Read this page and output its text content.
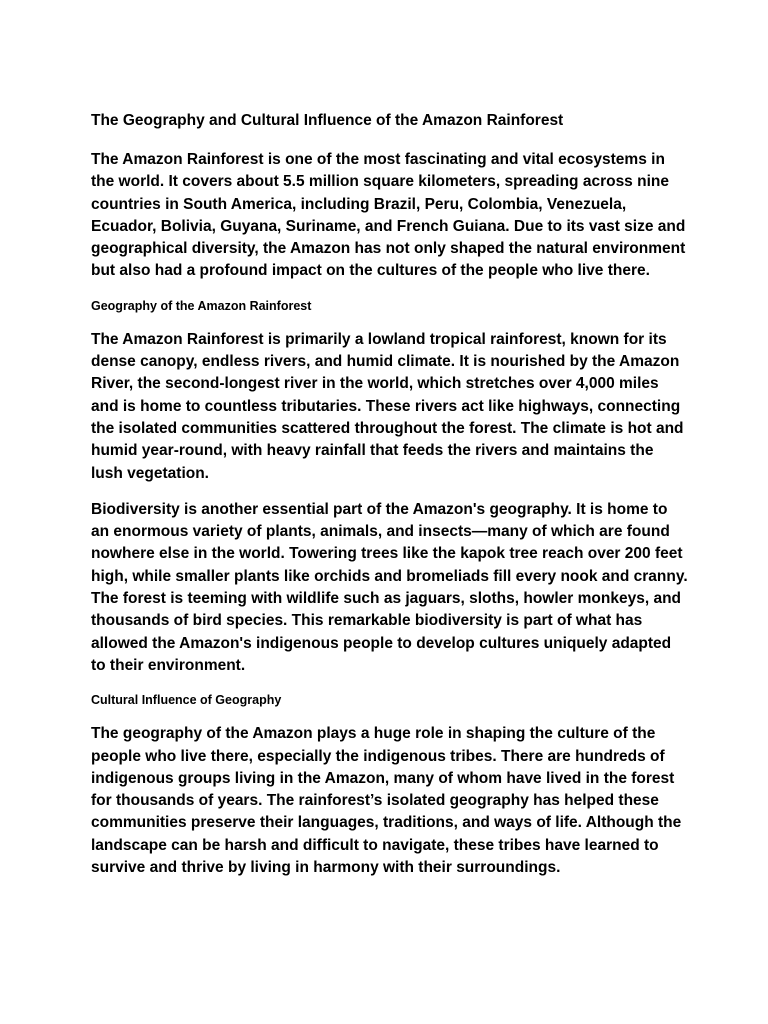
The Geography and Cultural Influence of the Amazon Rainforest

The Amazon Rainforest is one of the most fascinating and vital ecosystems in the world. It covers about 5.5 million square kilometers, spreading across nine countries in South America, including Brazil, Peru, Colombia, Venezuela, Ecuador, Bolivia, Guyana, Suriname, and French Guiana. Due to its vast size and geographical diversity, the Amazon has not only shaped the natural environment but also had a profound impact on the cultures of the people who live there.

Geography of the Amazon Rainforest

The Amazon Rainforest is primarily a lowland tropical rainforest, known for its dense canopy, endless rivers, and humid climate. It is nourished by the Amazon River, the second-longest river in the world, which stretches over 4,000 miles and is home to countless tributaries. These rivers act like highways, connecting the isolated communities scattered throughout the forest. The climate is hot and humid year-round, with heavy rainfall that feeds the rivers and maintains the lush vegetation.

Biodiversity is another essential part of the Amazon's geography. It is home to an enormous variety of plants, animals, and insects—many of which are found nowhere else in the world. Towering trees like the kapok tree reach over 200 feet high, while smaller plants like orchids and bromeliads fill every nook and cranny. The forest is teeming with wildlife such as jaguars, sloths, howler monkeys, and thousands of bird species. This remarkable biodiversity is part of what has allowed the Amazon's indigenous people to develop cultures uniquely adapted to their environment.

Cultural Influence of Geography

The geography of the Amazon plays a huge role in shaping the culture of the people who live there, especially the indigenous tribes. There are hundreds of indigenous groups living in the Amazon, many of whom have lived in the forest for thousands of years. The rainforest’s isolated geography has helped these communities preserve their languages, traditions, and ways of life. Although the landscape can be harsh and difficult to navigate, these tribes have learned to survive and thrive by living in harmony with their surroundings.
